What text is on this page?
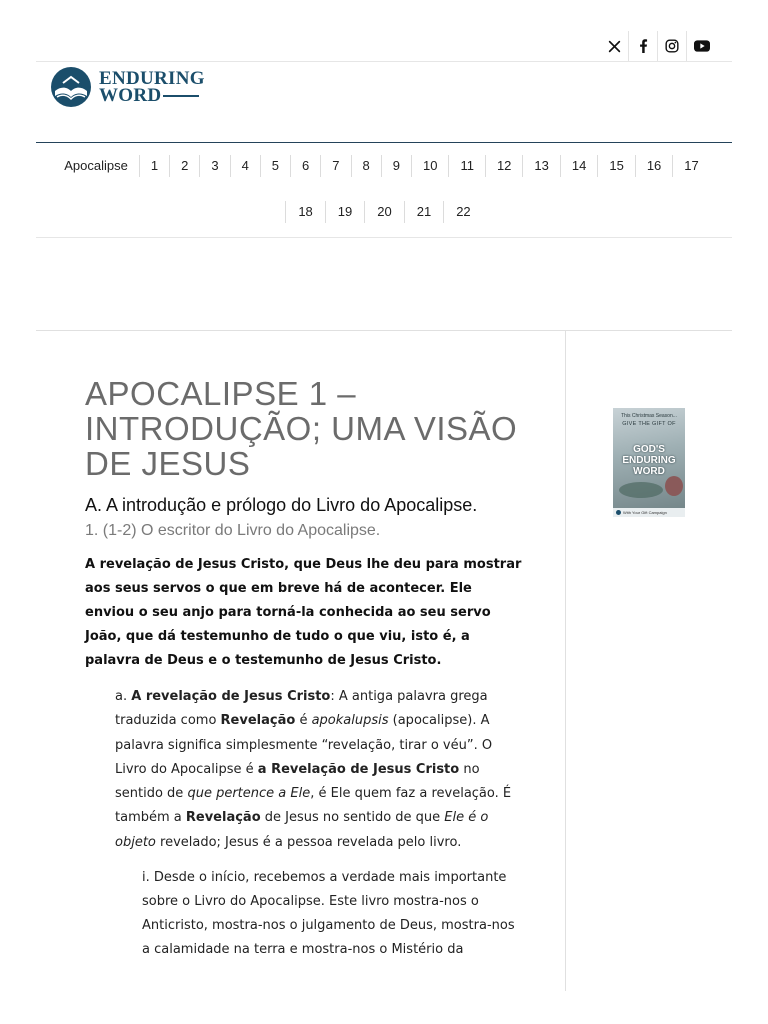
ENDURING
WORD
Apocalipse	1	2	3	4	5	6	7	8	9	10	11	12	13	14	15	16	17
18	19	20	21	22
APOCALIPSE 1 – INTRODUÇÃO; UMA VISÃO DE JESUS
A. A introdução e prólogo do Livro do Apocalipse.
1. (1-2) O escritor do Livro do Apocalipse.

A revelação de Jesus Cristo, que Deus lhe deu para mostrar aos seus servos o que em breve há de acontecer. Ele enviou o seu anjo para torná-la conhecida ao seu servo João, que dá testemunho de tudo o que viu, isto é, a palavra de Deus e o testemunho de Jesus Cristo.

a. A revelação de Jesus Cristo: A antiga palavra grega traduzida como Revelação é apokalupsis (apocalipse). A palavra significa simplesmente “revelação, tirar o véu”. O Livro do Apocalipse é a Revelação de Jesus Cristo no sentido de que pertence a Ele, é Ele quem faz a revelação. É também a Revelação de Jesus no sentido de que Ele é o objeto revelado; Jesus é a pessoa revelada pelo livro.

i. Desde o início, recebemos a verdade mais importante sobre o Livro do Apocalipse. Este livro mostra-nos o Anticristo, mostra-nos o julgamento de Deus, mostra-nos a calamidade na terra e mostra-nos o Mistério da

This Christmas Season...
GIVE THE GIFT OF
GOD'S ENDURING WORD
With Your Gift Campaign
